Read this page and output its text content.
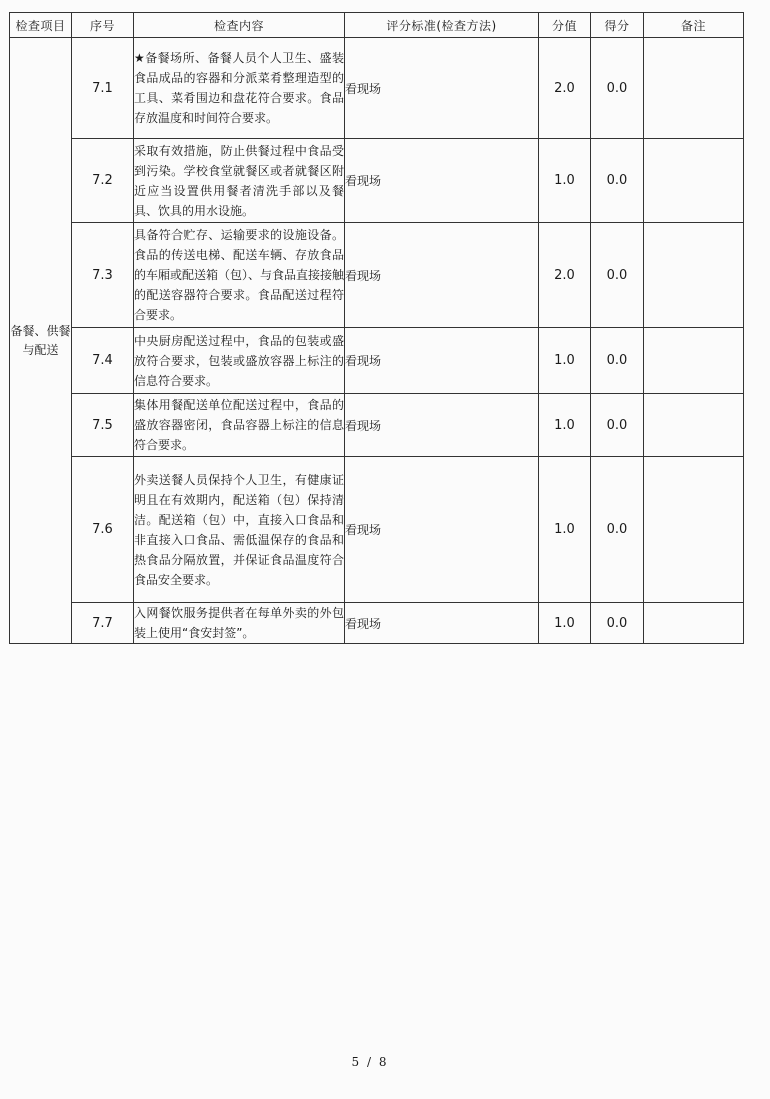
检查项目	序号	检查内容	评分标准(检查方法)	分值	得分	备注
备餐、供餐与配送	7.1	★备餐场所、备餐人员个人卫生、盛装食品成品的容器和分派菜肴整理造型的工具、菜肴围边和盘花符合要求。食品存放温度和时间符合要求。	看现场	2.0	0.0	
	7.2	采取有效措施，防止供餐过程中食品受到污染。学校食堂就餐区或者就餐区附近应当设置供用餐者清洗手部以及餐具、饮具的用水设施。	看现场	1.0	0.0	
	7.3	具备符合贮存、运输要求的设施设备。食品的传送电梯、配送车辆、存放食品的车厢或配送箱（包）、与食品直接接触的配送容器符合要求。食品配送过程符合要求。	看现场	2.0	0.0	
	7.4	中央厨房配送过程中，食品的包装或盛放符合要求，包装或盛放容器上标注的信息符合要求。	看现场	1.0	0.0	
	7.5	集体用餐配送单位配送过程中，食品的盛放容器密闭，食品容器上标注的信息符合要求。	看现场	1.0	0.0	
	7.6	外卖送餐人员保持个人卫生，有健康证明且在有效期内，配送箱（包）保持清洁。配送箱（包）中，直接入口食品和非直接入口食品、需低温保存的食品和热食品分隔放置，并保证食品温度符合食品安全要求。	看现场	1.0	0.0	
	7.7	入网餐饮服务提供者在每单外卖的外包装上使用“食安封签”。	看现场	1.0	0.0	
5 / 8
